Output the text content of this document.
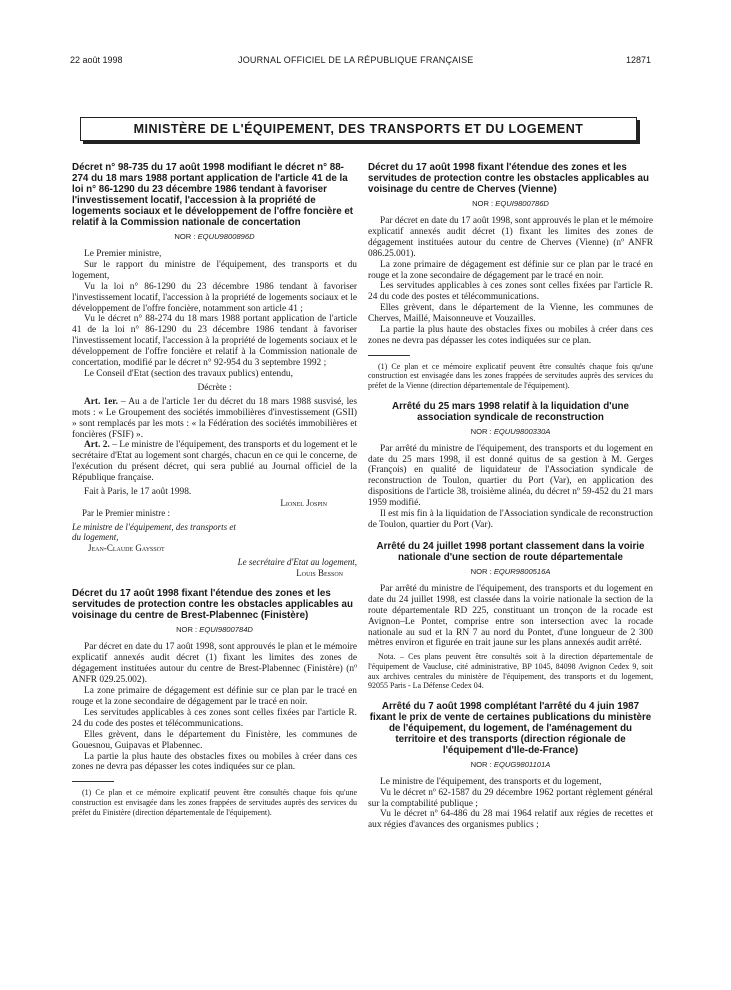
22 août 1998	JOURNAL OFFICIEL DE LA RÉPUBLIQUE FRANÇAISE	12871
MINISTÈRE DE L'ÉQUIPEMENT, DES TRANSPORTS ET DU LOGEMENT
Décret n° 98-735 du 17 août 1998 modifiant le décret n° 88-274 du 18 mars 1988 portant application de l'article 41 de la loi n° 86-1290 du 23 décembre 1986 tendant à favoriser l'investissement locatif, l'accession à la propriété de logements sociaux et le développement de l'offre foncière et relatif à la Commission nationale de concertation
NOR : EQUU9800896D

Le Premier ministre,

Sur le rapport du ministre de l'équipement, des transports et du logement,

Vu la loi n° 86-1290 du 23 décembre 1986 tendant à favoriser l'investissement locatif, l'accession à la propriété de logements sociaux et le développement de l'offre foncière, notamment son article 41 ;

Vu le décret n° 88-274 du 18 mars 1988 portant application de l'article 41 de la loi n° 86-1290 du 23 décembre 1986 tendant à favoriser l'investissement locatif, l'accession à la propriété de logements sociaux et le développement de l'offre foncière et relatif à la Commission nationale de concertation, modifié par le décret n° 92-954 du 3 septembre 1992 ;

Le Conseil d'Etat (section des travaux publics) entendu,

Décrète :

Art. 1er. – Au a de l'article 1er du décret du 18 mars 1988 susvisé, les mots : « Le Groupement des sociétés immobilières d'investissement (GSII) » sont remplacés par les mots : « la Fédération des sociétés immobilières et foncières (FSIF) ».

Art. 2. – Le ministre de l'équipement, des transports et du logement et le secrétaire d'Etat au logement sont chargés, chacun en ce qui le concerne, de l'exécution du présent décret, qui sera publié au Journal officiel de la République française.

Fait à Paris, le 17 août 1998.

Lionel Jospin
Par le Premier ministre :
Le ministre de l'équipement, des transports et du logement,
Jean-Claude Gayssot
Le secrétaire d'Etat au logement,
Louis Besson
Décret du 17 août 1998 fixant l'étendue des zones et les servitudes de protection contre les obstacles applicables au voisinage du centre de Brest-Plabennec (Finistère)
NOR : EQUI9800784D

Par décret en date du 17 août 1998, sont approuvés le plan et le mémoire explicatif annexés audit décret (1) fixant les limites des zones de dégagement instituées autour du centre de Brest-Plabennec (Finistère) (nº ANFR 029.25.002).

La zone primaire de dégagement est définie sur ce plan par le tracé en rouge et la zone secondaire de dégagement par le tracé en noir.

Les servitudes applicables à ces zones sont celles fixées par l'article R. 24 du code des postes et télécommunications.

Elles grèvent, dans le département du Finistère, les communes de Gouesnou, Guipavas et Plabennec.

La partie la plus haute des obstacles fixes ou mobiles à créer dans ces zones ne devra pas dépasser les cotes indiquées sur ce plan.

(1) Ce plan et ce mémoire explicatif peuvent être consultés chaque fois qu'une construction est envisagée dans les zones frappées de servitudes auprès des services du préfet du Finistère (direction départementale de l'équipement).

Décret du 17 août 1998 fixant l'étendue des zones et les servitudes de protection contre les obstacles applicables au voisinage du centre de Cherves (Vienne)
NOR : EQUI9800786D

Par décret en date du 17 août 1998, sont approuvés le plan et le mémoire explicatif annexés audit décret (1) fixant les limites des zones de dégagement instituées autour du centre de Cherves (Vienne) (nº ANFR 086.25.001).

La zone primaire de dégagement est définie sur ce plan par le tracé en rouge et la zone secondaire de dégagement par le tracé en noir.

Les servitudes applicables à ces zones sont celles fixées par l'article R. 24 du code des postes et télécommunications.

Elles grèvent, dans le département de la Vienne, les communes de Cherves, Maillé, Maisonneuve et Vouzailles.

La partie la plus haute des obstacles fixes ou mobiles à créer dans ces zones ne devra pas dépasser les cotes indiquées sur ce plan.

(1) Ce plan et ce mémoire explicatif peuvent être consultés chaque fois qu'une construction est envisagée dans les zones frappées de servitudes auprès des services du préfet de la Vienne (direction départementale de l'équipement).

Arrêté du 25 mars 1998 relatif à la liquidation d'une association syndicale de reconstruction
NOR : EQUU9800330A

Par arrêté du ministre de l'équipement, des transports et du logement en date du 25 mars 1998, il est donné quitus de sa gestion à M. Gerges (François) en qualité de liquidateur de l'Association syndicale de reconstruction de Toulon, quartier du Port (Var), en application des dispositions de l'article 38, troisième alinéa, du décret nº 59-452 du 21 mars 1959 modifié.

Il est mis fin à la liquidation de l'Association syndicale de reconstruction de Toulon, quartier du Port (Var).

Arrêté du 24 juillet 1998 portant classement dans la voirie nationale d'une section de route départementale
NOR : EQUR9800516A

Par arrêté du ministre de l'équipement, des transports et du logement en date du 24 juillet 1998, est classée dans la voirie nationale la section de la route départementale RD 225, constituant un tronçon de la rocade est Avignon–Le Pontet, comprise entre son intersection avec la rocade nationale au sud et la RN 7 au nord du Pontet, d'une longueur de 2 300 mètres environ et figurée en trait jaune sur les plans annexés audit arrêté.

Nota. – Ces plans peuvent être consultés soit à la direction départementale de l'équipement de Vaucluse, cité administrative, BP 1045, 84098 Avignon Cedex 9, soit aux archives centrales du ministère de l'équipement, des transports et du logement, 92055 Paris - La Défense Cedex 04.

Arrêté du 7 août 1998 complétant l'arrêté du 4 juin 1987 fixant le prix de vente de certaines publications du ministère de l'équipement, du logement, de l'aménagement du territoire et des transports (direction régionale de l'équipement d'Ile-de-France)
NOR : EQUG9801101A

Le ministre de l'équipement, des transports et du logement,

Vu le décret nº 62-1587 du 29 décembre 1962 portant règlement général sur la comptabilité publique ;

Vu le décret nº 64-486 du 28 mai 1964 relatif aux régies de recettes et aux régies d'avances des organismes publics ;
